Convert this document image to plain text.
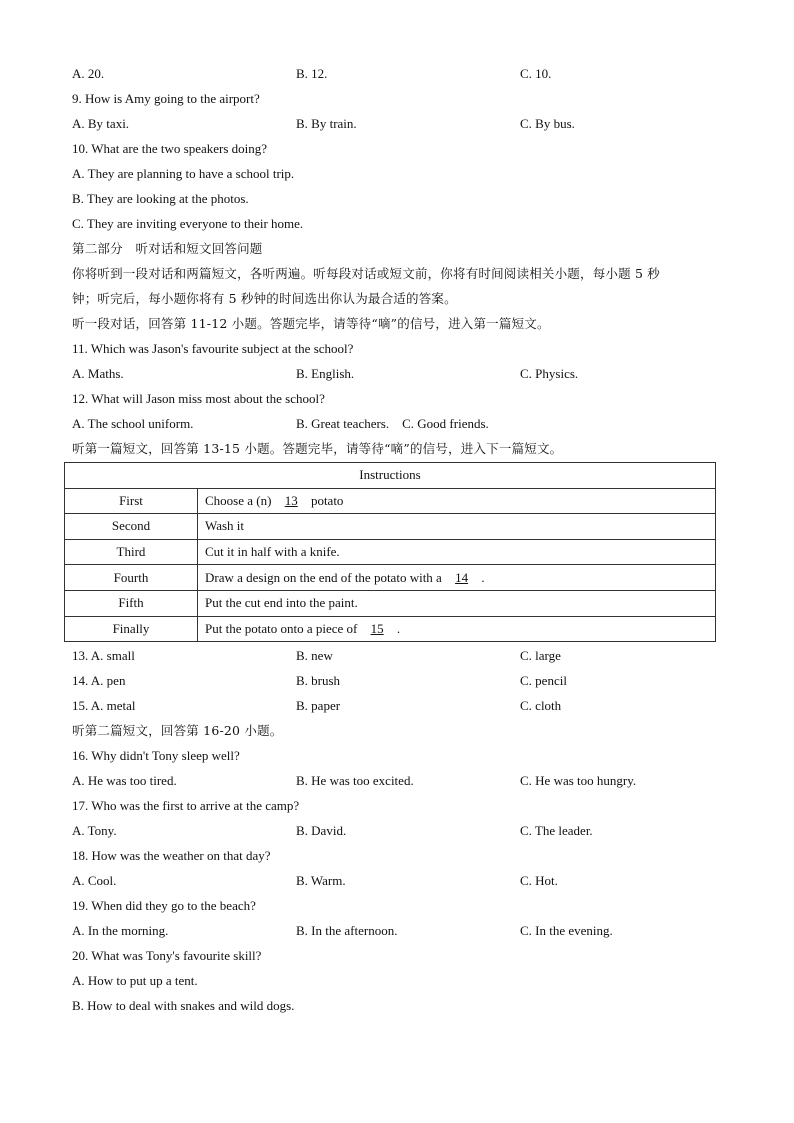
A. 20.	B. 12.	C. 10.
9. How is Amy going to the airport?
A. By taxi.	B. By train.	C. By bus.
10. What are the two speakers doing?
A. They are planning to have a school trip.
B. They are looking at the photos.
C. They are inviting everyone to their home.
第二部分　听对话和短文回答问题
你将听到一段对话和两篇短文，各听两遍。听每段对话或短文前，你将有时间阅读相关小题，每小题 5 秒
钟；听完后，每小题你将有 5 秒钟的时间选出你认为最合适的答案。
听一段对话，回答第 11-12 小题。答题完毕，请等待“嘀”的信号，进入第一篇短文。
11. Which was Jason's favourite subject at the school?
A. Maths.	B. English.	C. Physics.
12. What will Jason miss most about the school?
A. The school uniform.	B. Great teachers.    C. Good friends.
听第一篇短文，回答第 13-15 小题。答题完毕，请等待“嘀”的信号，进入下一篇短文。
Instructions	
First	Choose a (n) 13 potato
Second	Wash it
Third	Cut it in half with a knife.
Fourth	Draw a design on the end of the potato with a 14 .
Fifth	Put the cut end into the paint.
Finally	Put the potato onto a piece of 15 .
13. A. small	B. new	C. large
14. A. pen	B. brush	C. pencil
15. A. metal	B. paper	C. cloth
听第二篇短文，回答第 16-20 小题。
16. Why didn't Tony sleep well?
A. He was too tired.	B. He was too excited.	C. He was too hungry.
17. Who was the first to arrive at the camp?
A. Tony.	B. David.	C. The leader.
18. How was the weather on that day?
A. Cool.	B. Warm.	C. Hot.
19. When did they go to the beach?
A. In the morning.	B. In the afternoon.	C. In the evening.
20. What was Tony's favourite skill?
A. How to put up a tent.
B. How to deal with snakes and wild dogs.
